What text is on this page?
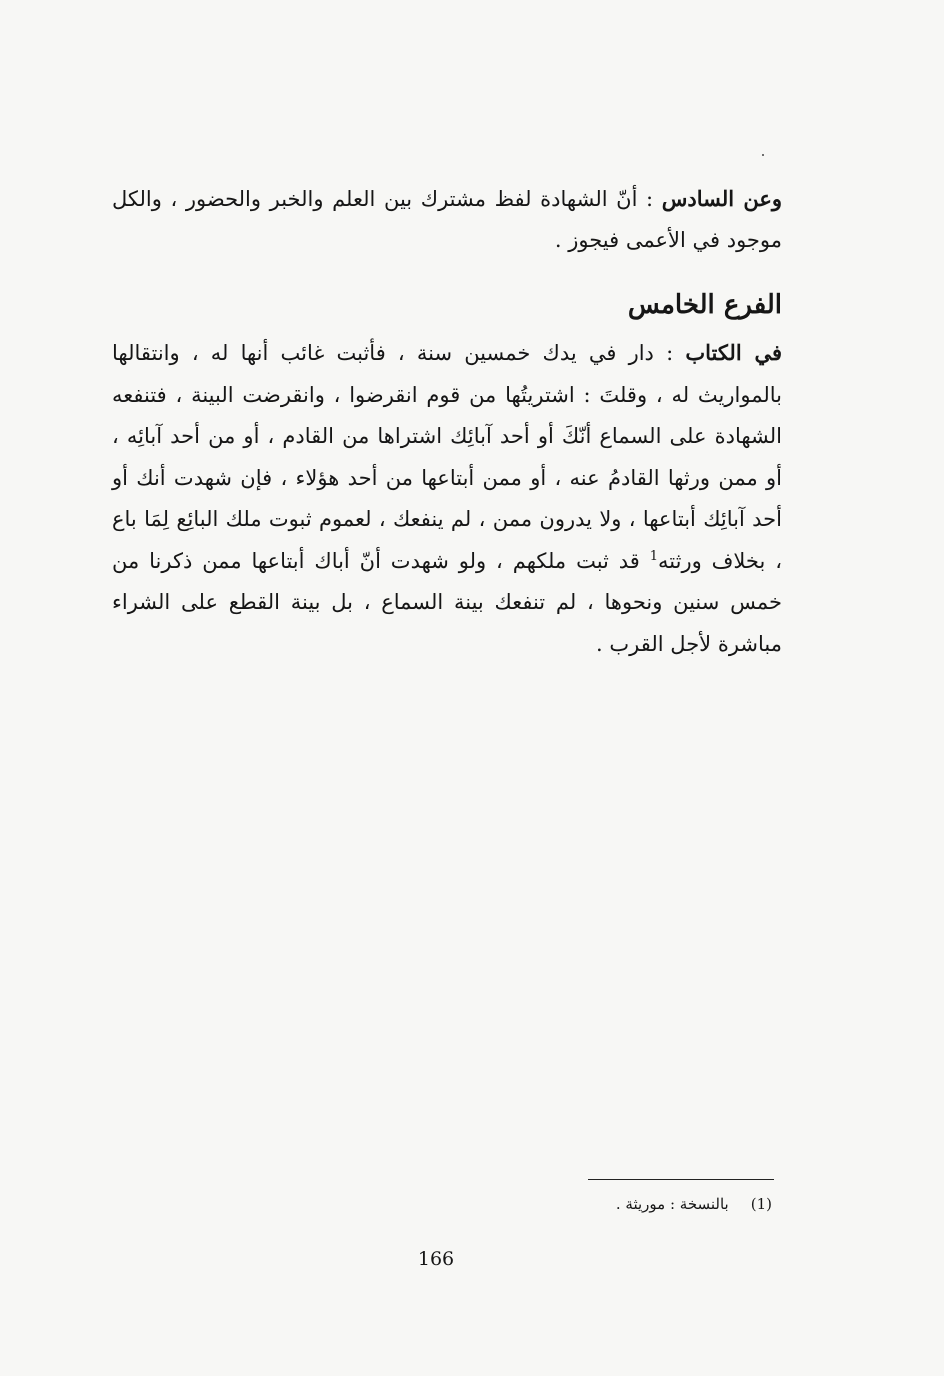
وعن السادس : أنّ الشهادة لفظ مشترك بين العلم والخبر والحضور ، والكل موجود في الأعمى فيجوز .

الفرع الخامس

في الكتاب : دار في يدك خمسين سنة ، فأثبت غائب أنها له ، وانتقالها بالمواريث له ، وقلتَ : اشتريتُها من قوم انقرضوا ، وانقرضت البينة ، فتنفعه الشهادة على السماع أنّكَ أو أحد آبائِك اشتراها من القادم ، أو من أحد آبائِه ، أو ممن ورثها القادمُ عنه ، أو ممن أبتاعها من أحد هؤلاء ، فإن شهدت أنك أو أحد آبائِك أبتاعها ، ولا يدرون ممن ، لم ينفعك ، لعموم ثبوت ملك البائِع لِمَا باع ، بخلاف ورثته$^1$ قد ثبت ملكهم ، ولو شهدت أنّ أباك أبتاعها ممن ذكرنا من خمس سنين ونحوها ، لم تنفعك بينة السماع ، بل بينة القطع على الشراء مباشرة لأجل القرب .

(1)بالنسخة : موريثة .
166
